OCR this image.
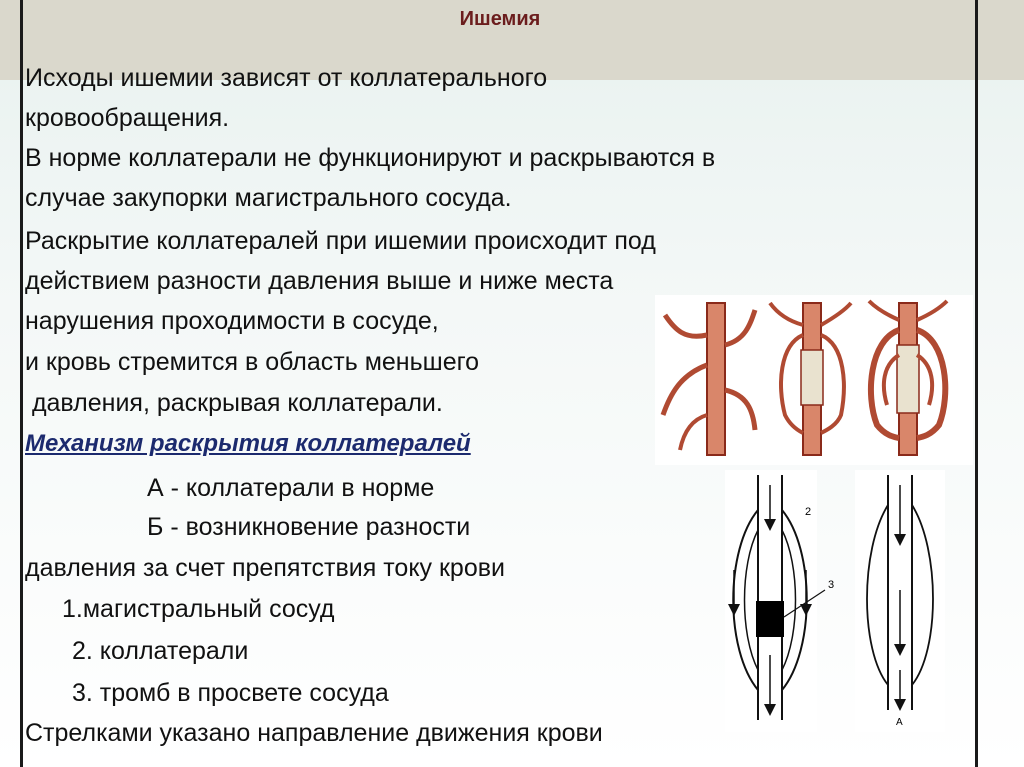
Ишемия
Исходы ишемии зависят от коллатерального
кровообращения.
В норме коллатерали не функционируют и раскрываются в
случае закупорки магистрального сосуда.
Раскрытие коллатералей при ишемии происходит под
действием разности давления выше и ниже места
нарушения проходимости в сосуде,
и кровь стремится в область меньшего
давления, раскрывая коллатерали.
Механизм раскрытия коллатералей
А - коллатерали в норме
Б - возникновение разности
давления за счет препятствия току крови
1.магистральный сосуд
2. коллатерали
3. тромб в просвете сосуда
Стрелками указано направление движения крови
2
3
А
